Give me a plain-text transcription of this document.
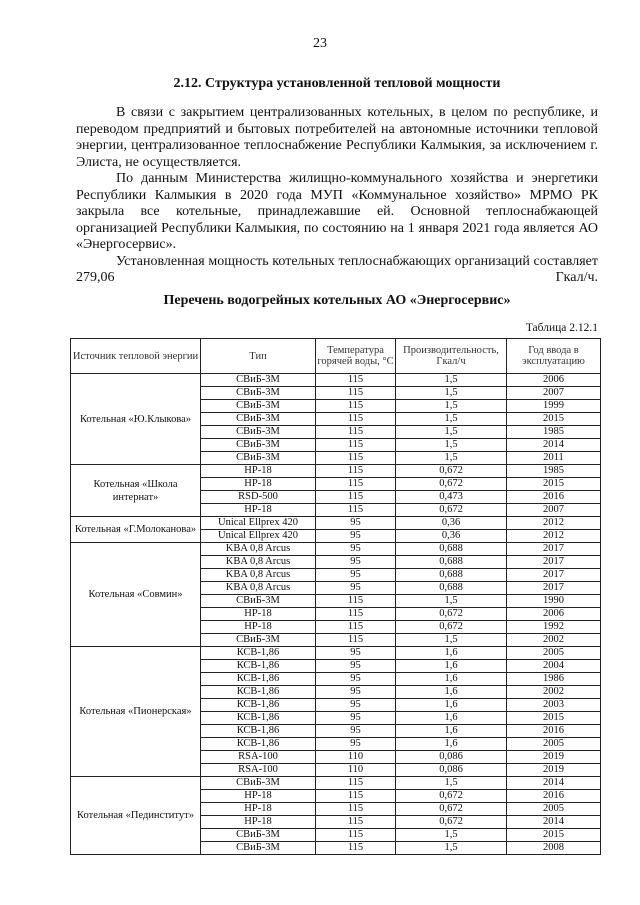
23
2.12. Структура установленной тепловой мощности

В связи с закрытием централизованных котельных, в целом по республике, и переводом предприятий и бытовых потребителей на автономные источники тепловой энергии, централизованное теплоснабжение Республики Калмыкия, за исключением г. Элиста, не осуществляется.

По данным Министерства жилищно-коммунального хозяйства и энергетики Республики Калмыкия в 2020 года МУП «Коммунальное хозяйство» МРМО РК закрыла все котельные, принадлежавшие ей. Основной теплоснабжающей организацией Республики Калмыкия, по состоянию на 1 января 2021 года является АО «Энергосервис».

Установленная мощность котельных теплоснабжающих организаций составляет 279,06 Гкал/ч.

Перечень водогрейных котельных АО «Энергосервис»
Таблица 2.12.1
Источник тепловой энергии	Тип	Температура горячей воды, °С	Производительность, Гкал/ч	Год ввода в эксплуатацию
Котельная «Ю.Клыкова»	СВиБ-3М	115	1,5	2006
	СВиБ-3М	115	1,5	2007
	СВиБ-3М	115	1,5	1999
	СВиБ-3М	115	1,5	2015
	СВиБ-3М	115	1,5	1985
	СВиБ-3М	115	1,5	2014
	СВиБ-3М	115	1,5	2011
Котельная «Школа интернат»	HP-18	115	0,672	1985
	HP-18	115	0,672	2015
	RSD-500	115	0,473	2016
	HP-18	115	0,672	2007
Котельная «Г.Молоканова»	Unical Ellprex 420	95	0,36	2012
	Unical Ellprex 420	95	0,36	2012
Котельная «Совмин»	KBA 0,8 Arcus	95	0,688	2017
	KBA 0,8 Arcus	95	0,688	2017
	KBA 0,8 Arcus	95	0,688	2017
	KBA 0,8 Arcus	95	0,688	2017
	СВиБ-3М	115	1,5	1990
	HP-18	115	0,672	2006
	HP-18	115	0,672	1992
	СВиБ-3М	115	1,5	2002
Котельная «Пионерская»	КСВ-1,86	95	1,6	2005
	КСВ-1,86	95	1,6	2004
	КСВ-1,86	95	1,6	1986
	КСВ-1,86	95	1,6	2002
	КСВ-1,86	95	1,6	2003
	КСВ-1,86	95	1,6	2015
	КСВ-1,86	95	1,6	2016
	КСВ-1,86	95	1,6	2005
	RSA-100	110	0,086	2019
	RSA-100	110	0,086	2019
Котельная «Пединститут»	СВиБ-3М	115	1,5	2014
	HP-18	115	0,672	2016
	HP-18	115	0,672	2005
	HP-18	115	0,672	2014
	СВиБ-3М	115	1,5	2015
	СВиБ-3М	115	1,5	2008
